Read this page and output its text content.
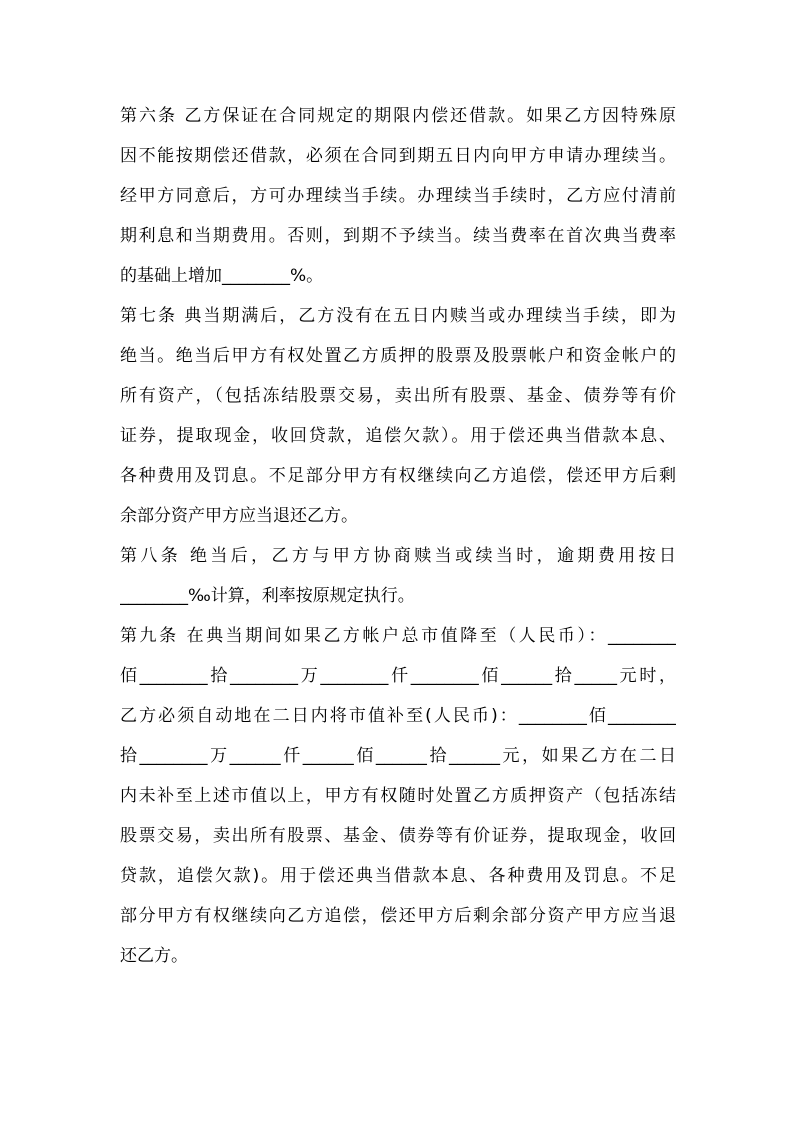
第六条 乙方保证在合同规定的期限内偿还借款。如果乙方因特殊原
因不能按期偿还借款，必须在合同到期五日内向甲方申请办理续当。
经甲方同意后，方可办理续当手续。办理续当手续时，乙方应付清前
期利息和当期费用。否则，到期不予续当。续当费率在首次典当费率
的基础上增加________%。
第七条 典当期满后，乙方没有在五日内赎当或办理续当手续，即为
绝当。绝当后甲方有权处置乙方质押的股票及股票帐户和资金帐户的
所有资产，（包括冻结股票交易，卖出所有股票、基金、债券等有价
证券，提取现金，收回贷款，追偿欠款）。用于偿还典当借款本息、
各种费用及罚息。不足部分甲方有权继续向乙方追偿，偿还甲方后剩
余部分资产甲方应当退还乙方。
第八条 绝当后，乙方与甲方协商赎当或续当时，逾期费用按日
________‰计算，利率按原规定执行。
第九条 在典当期间如果乙方帐户总市值降至（人民币）：________
佰________拾________万________仟________佰______拾_____元时，
乙方必须自动地在二日内将市值补至(人民币)：________佰________
拾________万______仟______佰______拾______元，如果乙方在二日
内未补至上述市值以上，甲方有权随时处置乙方质押资产（包括冻结
股票交易，卖出所有股票、基金、债券等有价证券，提取现金，收回
贷款，追偿欠款)。用于偿还典当借款本息、各种费用及罚息。不足
部分甲方有权继续向乙方追偿，偿还甲方后剩余部分资产甲方应当退
还乙方。
